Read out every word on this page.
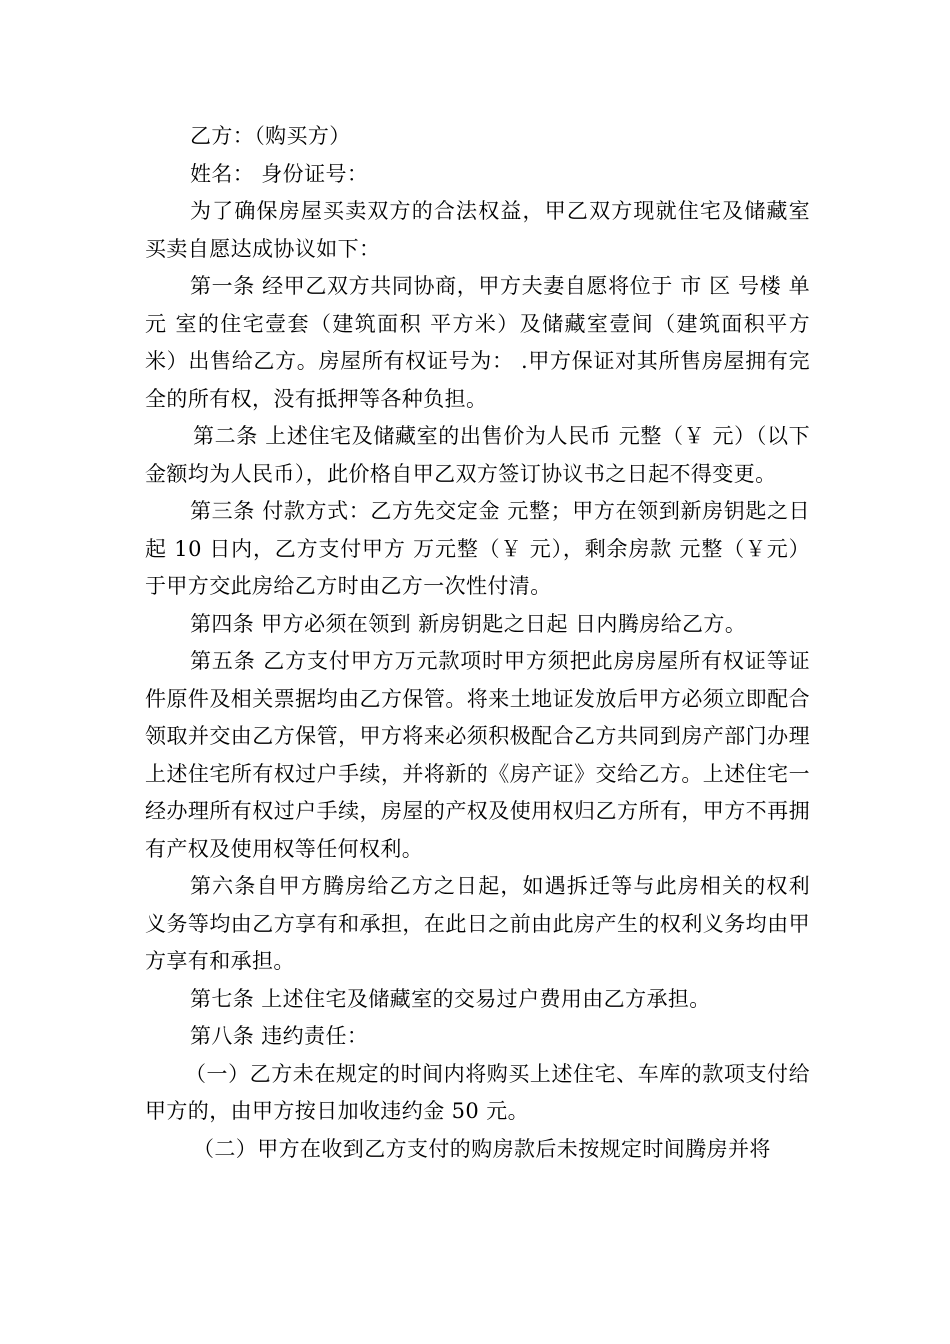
乙方：（购买方）

姓名： 身份证号：

为了确保房屋买卖双方的合法权益，甲乙双方现就住宅及储藏室买卖自愿达成协议如下：

第一条 经甲乙双方共同协商，甲方夫妻自愿将位于 市 区 号楼 单元 室的住宅壹套（建筑面积 平方米）及储藏室壹间（建筑面积平方米）出售给乙方。房屋所有权证号为： .甲方保证对其所售房屋拥有完全的所有权，没有抵押等各种负担。

第二条 上述住宅及储藏室的出售价为人民币 元整（￥ 元）（以下金额均为人民币），此价格自甲乙双方签订协议书之日起不得变更。

第三条 付款方式：乙方先交定金 元整；甲方在领到新房钥匙之日起 10 日内，乙方支付甲方 万元整（￥ 元），剩余房款 元整（￥元）于甲方交此房给乙方时由乙方一次性付清。

第四条 甲方必须在领到 新房钥匙之日起 日内腾房给乙方。

第五条 乙方支付甲方万元款项时甲方须把此房房屋所有权证等证件原件及相关票据均由乙方保管。将来土地证发放后甲方必须立即配合领取并交由乙方保管，甲方将来必须积极配合乙方共同到房产部门办理上述住宅所有权过户手续，并将新的《房产证》交给乙方。上述住宅一经办理所有权过户手续，房屋的产权及使用权归乙方所有，甲方不再拥有产权及使用权等任何权利。

第六条自甲方腾房给乙方之日起，如遇拆迁等与此房相关的权利义务等均由乙方享有和承担，在此日之前由此房产生的权利义务均由甲方享有和承担。

第七条 上述住宅及储藏室的交易过户费用由乙方承担。

第八条 违约责任：

（一）乙方未在规定的时间内将购买上述住宅、车库的款项支付给甲方的，由甲方按日加收违约金 50 元。

（二）甲方在收到乙方支付的购房款后未按规定时间腾房并将
